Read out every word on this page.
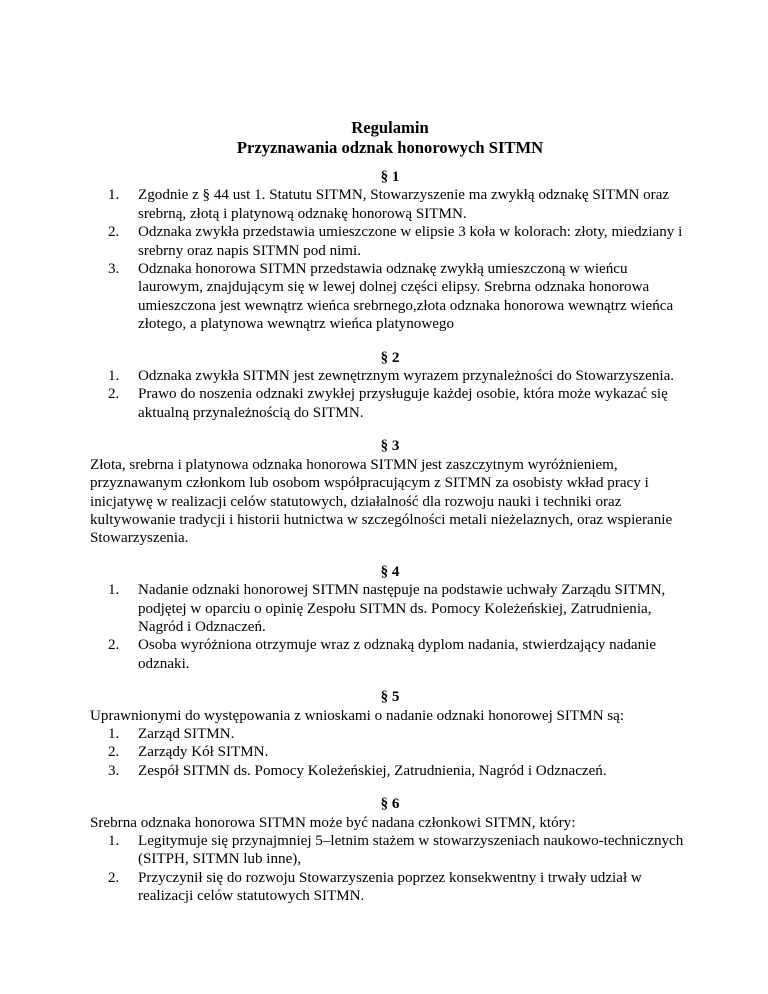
Regulamin

Przyznawania odznak honorowych SITMN

§ 1

1. Zgodnie z § 44 ust 1. Statutu SITMN, Stowarzyszenie ma zwykłą odznakę SITMN oraz srebrną, złotą i platynową odznakę honorową SITMN.
2. Odznaka zwykła przedstawia umieszczone w elipsie 3 koła w kolorach: złoty, miedziany i srebrny oraz napis SITMN pod nimi.
3. Odznaka honorowa SITMN przedstawia odznakę zwykłą umieszczoną w wieńcu laurowym, znajdującym się w lewej dolnej części elipsy. Srebrna odznaka honorowa umieszczona jest wewnątrz wieńca srebrnego,złota odznaka honorowa wewnątrz wieńca złotego, a platynowa wewnątrz wieńca platynowego

§ 2

1. Odznaka zwykła SITMN jest zewnętrznym wyrazem przynależności do Stowarzyszenia.
2. Prawo do noszenia odznaki zwykłej przysługuje każdej osobie, która może wykazać się aktualną przynależnością do SITMN.

§ 3

Złota, srebrna i platynowa odznaka honorowa SITMN jest zaszczytnym wyróżnieniem, przyznawanym członkom lub osobom współpracującym z SITMN za osobisty wkład pracy i inicjatywę w realizacji celów statutowych, działalność dla rozwoju nauki i techniki oraz kultywowanie tradycji i historii hutnictwa w szczególności metali nieżelaznych, oraz wspieranie Stowarzyszenia.

§ 4

1. Nadanie odznaki honorowej SITMN następuje na podstawie uchwały Zarządu SITMN, podjętej w oparciu o opinię Zespołu SITMN ds. Pomocy Koleżeńskiej, Zatrudnienia, Nagród i Odznaczeń.
2. Osoba wyróżniona otrzymuje wraz z odznaką dyplom nadania, stwierdzający nadanie odznaki.

§ 5

Uprawnionymi do występowania z wnioskami o nadanie odznaki honorowej SITMN są:

1. Zarząd SITMN.
2. Zarządy Kół SITMN.
3. Zespół SITMN ds. Pomocy Koleżeńskiej, Zatrudnienia, Nagród i Odznaczeń.

§ 6

Srebrna odznaka honorowa SITMN może być nadana członkowi SITMN, który:

1. Legitymuje się przynajmniej 5–letnim stażem w stowarzyszeniach naukowo-technicznych (SITPH, SITMN lub inne),
2. Przyczynił się do rozwoju Stowarzyszenia poprzez konsekwentny i trwały udział w realizacji celów statutowych SITMN.
